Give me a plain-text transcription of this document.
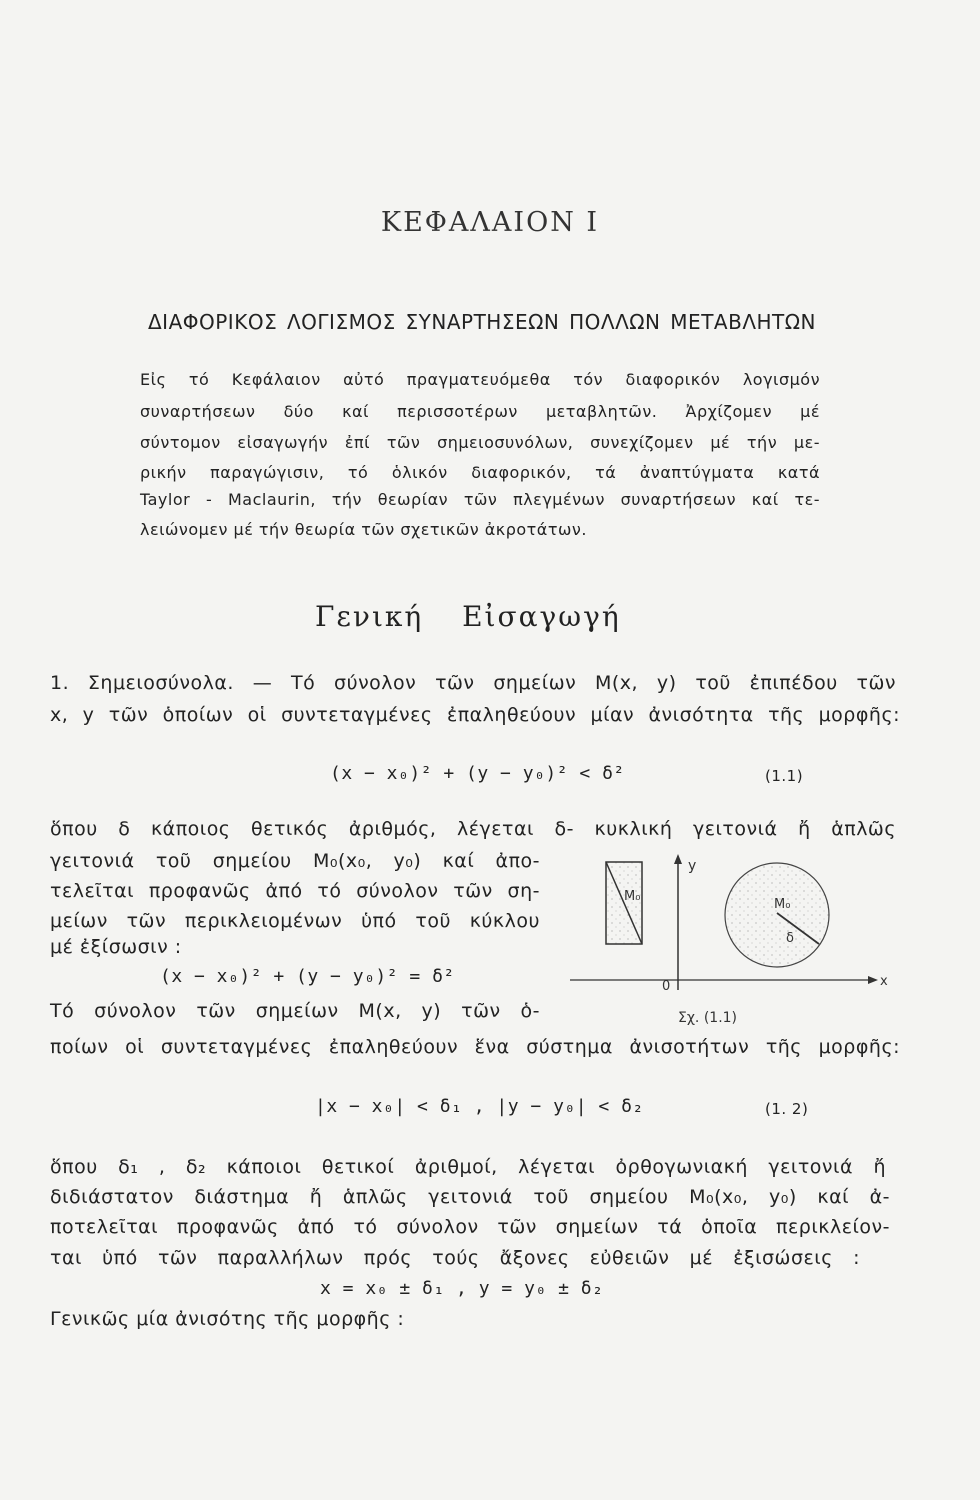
ΚΕΦΑΛΑΙΟΝ Ι
ΔΙΑΦΟΡΙΚΟΣ ΛΟΓΙΣΜΟΣ ΣΥΝΑΡΤΗΣΕΩΝ ΠΟΛΛΩΝ ΜΕΤΑΒΛΗΤΩΝ
Εἰς τό Κεφάλαιον αὐτό πραγματευόμεθα τόν διαφορικόν λογισμόν
συναρτήσεων δύο καί περισσοτέρων μεταβλητῶν. Ἀρχίζομεν μέ
σύντομον εἰσαγωγήν ἐπί τῶν σημειοσυνόλων, συνεχίζομεν μέ τήν με-
ρικήν παραγώγισιν, τό ὁλικόν διαφορικόν, τά ἀναπτύγματα κατά
Taylor - Maclaurin, τήν θεωρίαν τῶν πλεγμένων συναρτήσεων καί τε-
λειώνομεν μέ τήν θεωρία τῶν σχετικῶν ἀκροτάτων.
Γενική Εἰσαγωγή
1. Σημειοσύνολα. — Τό σύνολον τῶν σημείων M(x, y) τοῦ ἐπιπέδου τῶν
x, y τῶν ὁποίων οἱ συντεταγμένες ἐπαληθεύουν μίαν ἀνισότητα τῆς μορφῆς:
(x − x₀)² + (y − y₀)² < δ²	(1.1)
ὅπου δ κάποιος θετικός ἀριθμός, λέγεται δ- κυκλική γειτονιά ἤ ἁπλῶς
γειτονιά τοῦ σημείου M₀(x₀, y₀) καί ἀπο-
τελεῖται προφανῶς ἀπό τό σύνολον τῶν ση-
μείων τῶν περικλειομένων ὑπό τοῦ κύκλου
μέ ἐξίσωσιν :
(x − x₀)² + (y − y₀)² = δ²
Τό σύνολον τῶν σημείων M(x, y) τῶν ὁ-
ποίων οἱ συντεταγμένες ἐπαληθεύουν ἕνα σύστημα ἀνισοτήτων τῆς μορφῆς:
|x − x₀| < δ₁ , |y − y₀| < δ₂	(1. 2)
ὅπου δ₁ , δ₂ κάποιοι θετικοί ἀριθμοί, λέγεται ὀρθογωνιακή γειτονιά ἤ
διδιάστατον διάστημα ἤ ἁπλῶς γειτονιά τοῦ σημείου M₀(x₀, y₀) καί ἀ-
ποτελεῖται προφανῶς ἀπό τό σύνολον τῶν σημείων τά ὁποῖα περικλείον-
ται ὑπό τῶν παραλλήλων πρός τούς ἄξονες εὐθειῶν μέ ἐξισώσεις :
x = x₀ ± δ₁ , y = y₀ ± δ₂
Γενικῶς μία ἀνισότης τῆς μορφῆς :
M₀
y
x
0
M₀
δ
Σχ. (1.1)
